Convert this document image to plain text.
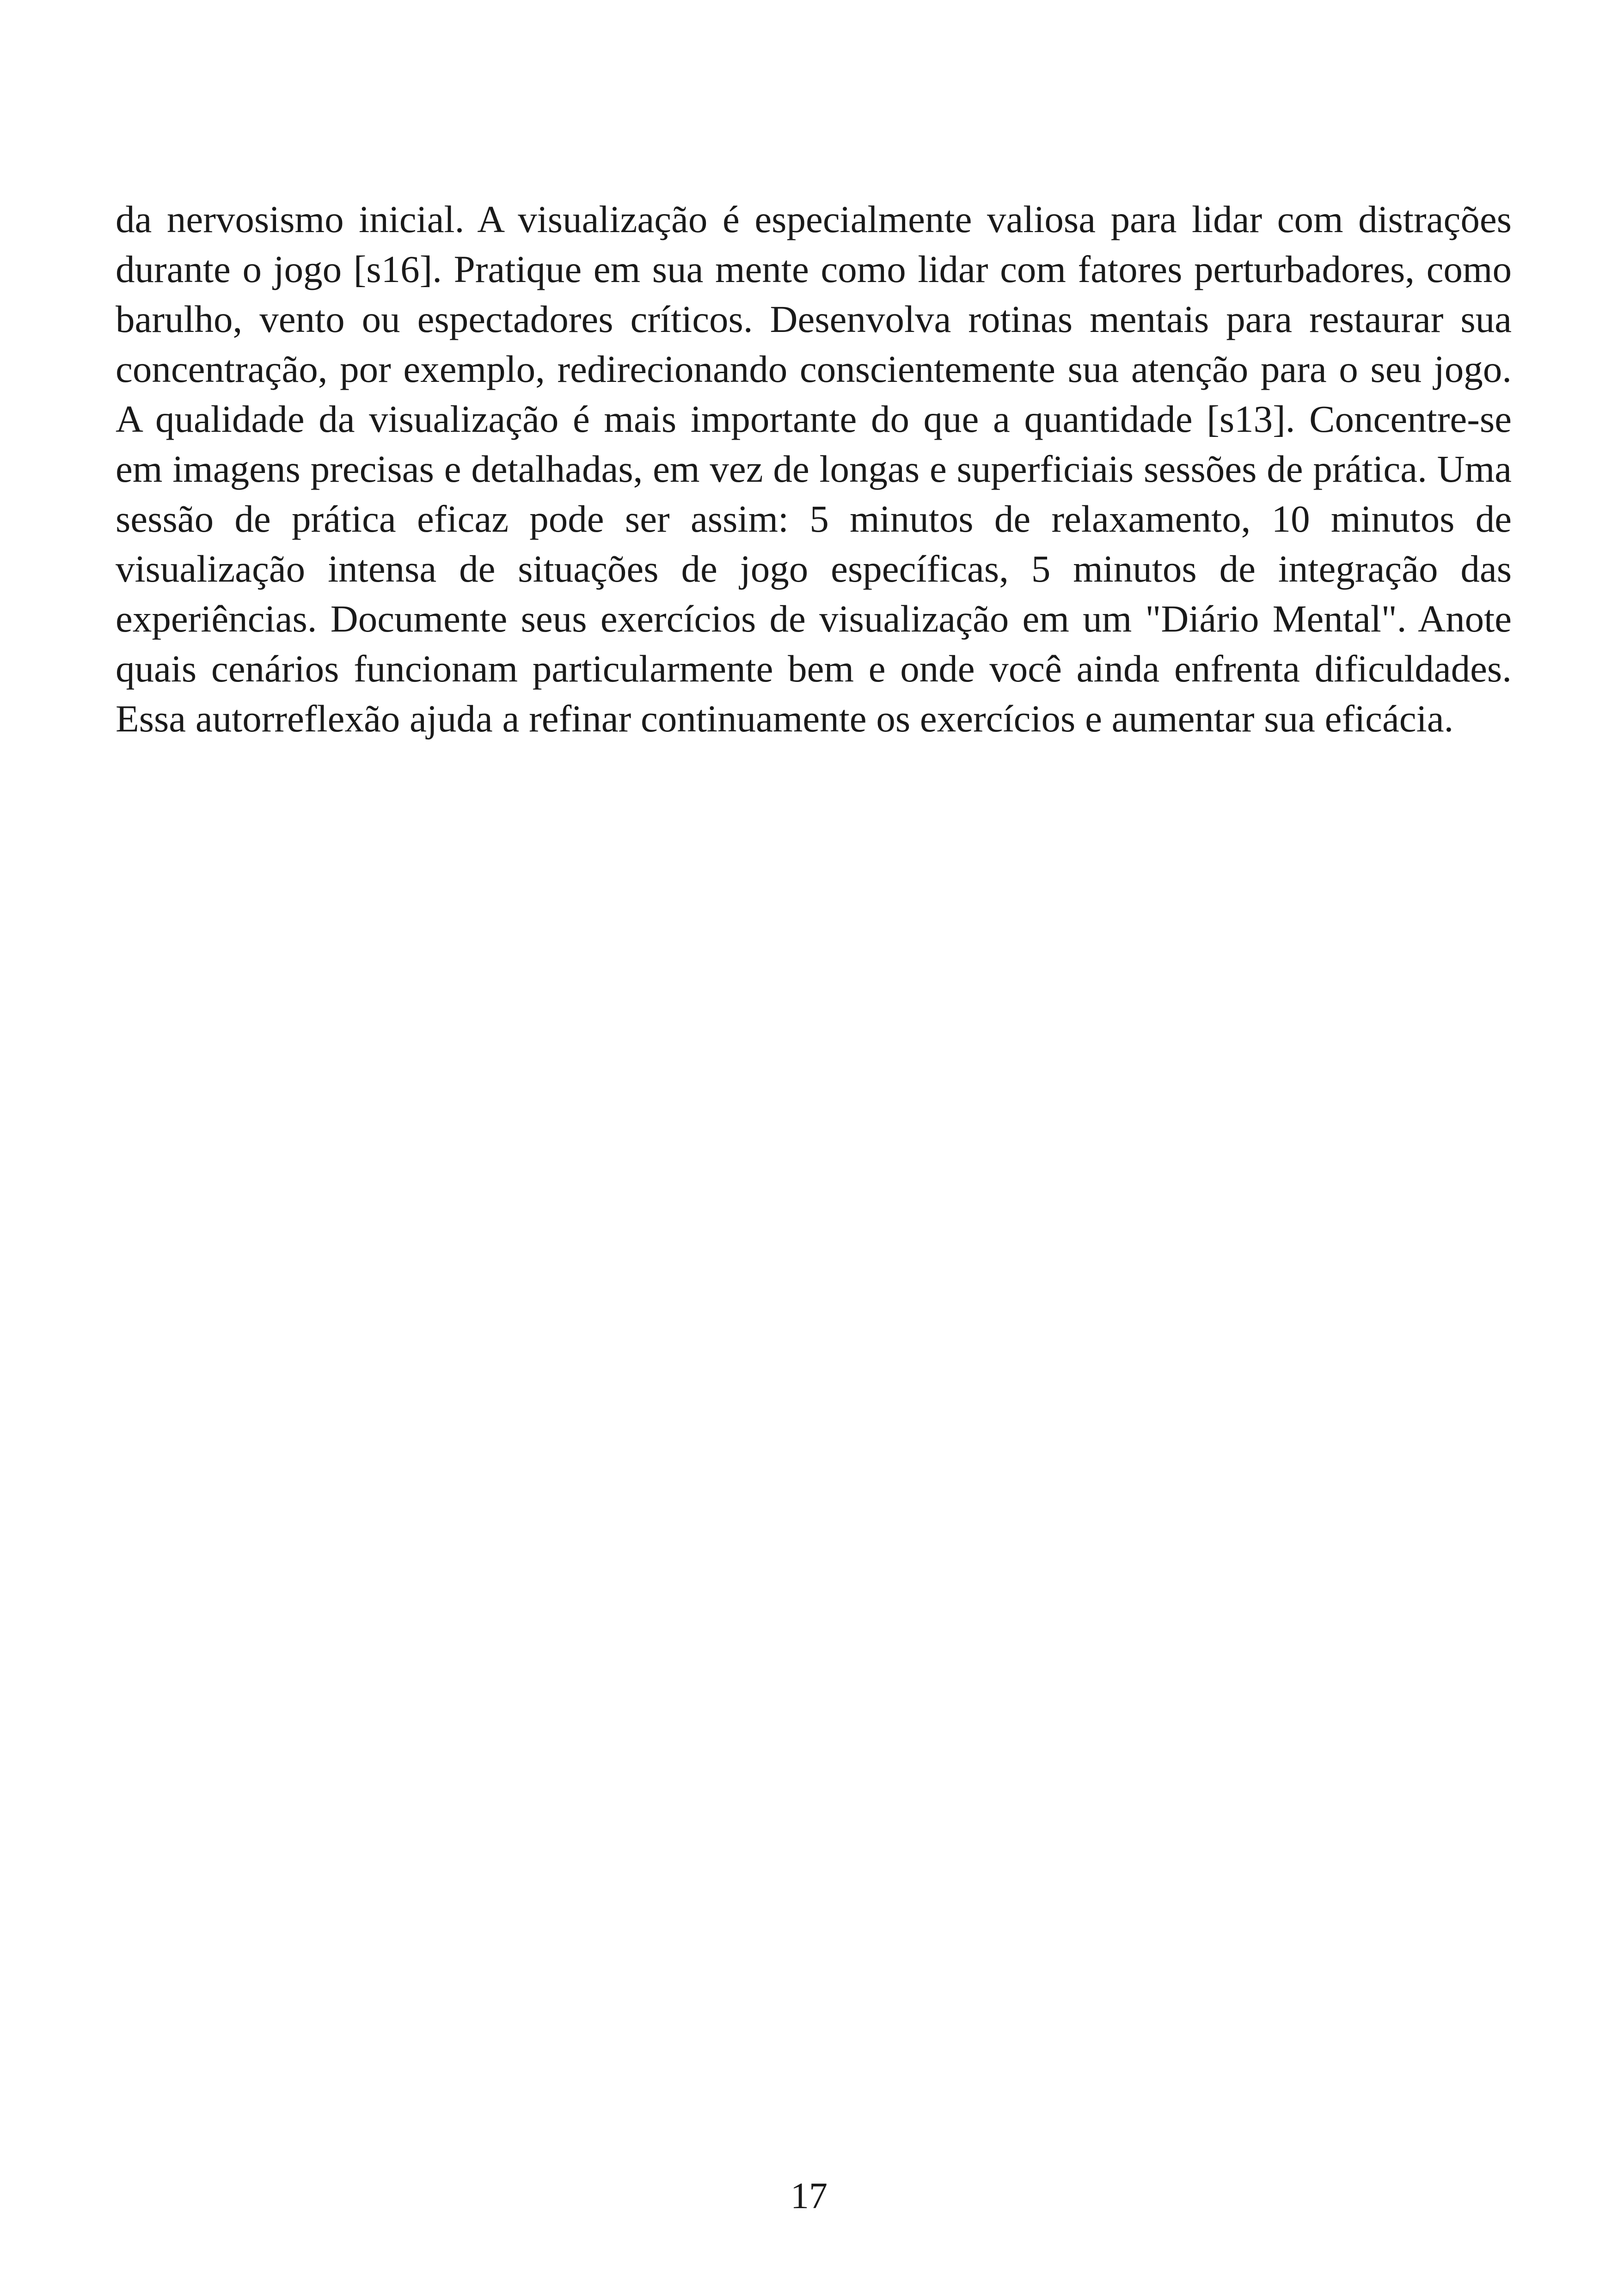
da nervosismo inicial. A visualização é especialmente valiosa para lidar com distrações durante o jogo [s16]. Pratique em sua mente como lidar com fatores perturbadores, como barulho, vento ou espectadores críticos. Desenvolva rotinas mentais para restaurar sua concentração, por exemplo, redirecionando conscientemente sua atenção para o seu jogo. A qualidade da visualização é mais importante do que a quantidade [s13]. Concentre-se em imagens precisas e detalhadas, em vez de longas e superficiais sessões de prática. Uma sessão de prática eficaz pode ser assim: 5 minutos de relaxamento, 10 minutos de visualização intensa de situações de jogo específicas, 5 minutos de integração das experiências. Documente seus exercícios de visualização em um "Diário Mental". Anote quais cenários funcionam particularmente bem e onde você ainda enfrenta dificuldades. Essa autorreflexão ajuda a refinar continuamente os exercícios e aumentar sua eficácia.

17
